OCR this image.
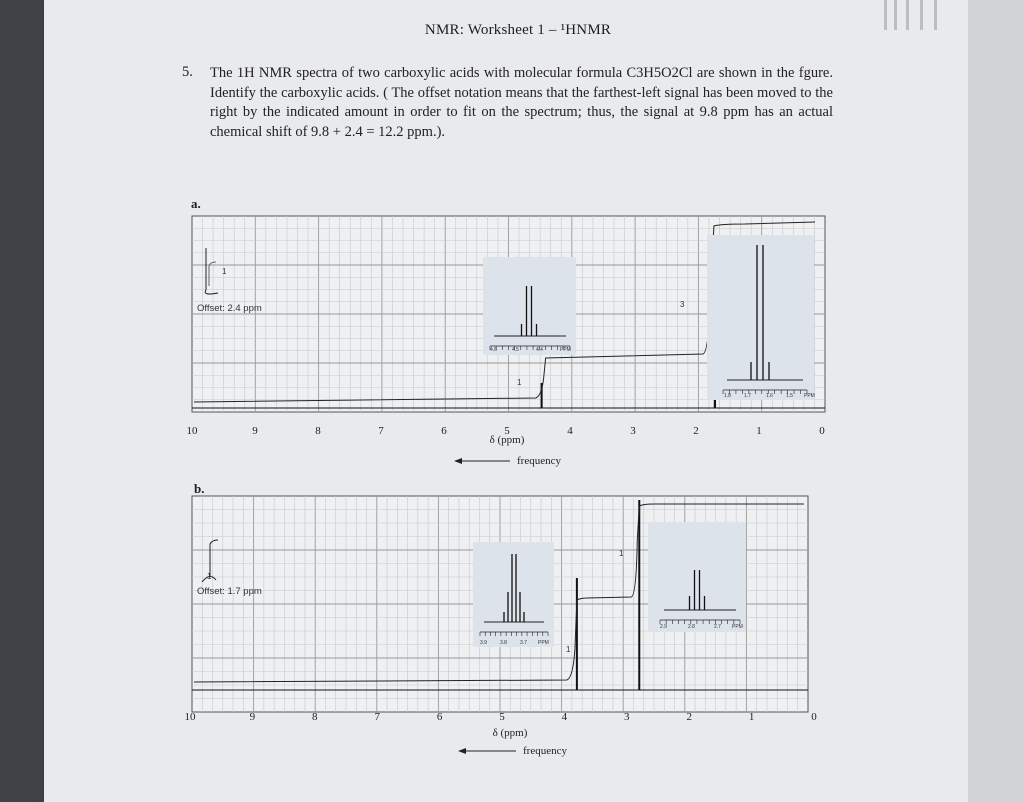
NMR: Worksheet 1 – ¹HNMR
5. The 1H NMR spectra of two carboxylic acids with molecular formula C3H5O2Cl are shown in the fgure. Identify the carboxylic acids. ( The offset notation means that the farthest-left signal has been moved to the right by the indicated amount in order to fit on the spectrum; thus, the signal at 9.8 ppm has an actual chemical shift of 9.8 + 2.4 = 12.2 ppm.).
a.
b.
10	9	8	7	6	5	4	3	2	1	0
Offset: 2.4 ppm
δ (ppm)
frequency
1
1
3
4.6	4.5	4.4	PPM
1.8	1.7	1.6	1.5 PPM
10	9	8	7	6	5	4	3	2	1	0
Offset: 1.7 ppm
δ (ppm)
frequency
1
1
1
3.9	3.8	3.7 PPM
2.9	2.8	2.7 PPM
